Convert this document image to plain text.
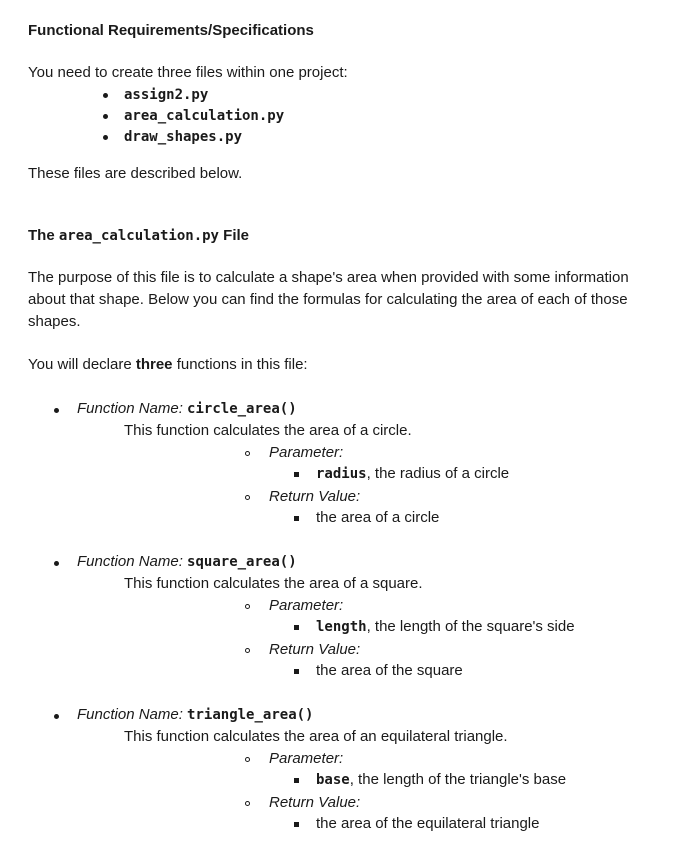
Functional Requirements/Specifications
You need to create three files within one project:
assign2.py
area_calculation.py
draw_shapes.py
These files are described below.
The area_calculation.py File
The purpose of this file is to calculate a shape's area when provided with some information about that shape. Below you can find the formulas for calculating the area of each of those shapes.
You will declare three functions in this file:
Function Name: circle_area()
This function calculates the area of a circle.
Parameter:
radius, the radius of a circle
Return Value:
the area of a circle
Function Name: square_area()
This function calculates the area of a square.
Parameter:
length, the length of the square's side
Return Value:
the area of the square
Function Name: triangle_area()
This function calculates the area of an equilateral triangle.
Parameter:
base, the length of the triangle's base
Return Value:
the area of the equilateral triangle
